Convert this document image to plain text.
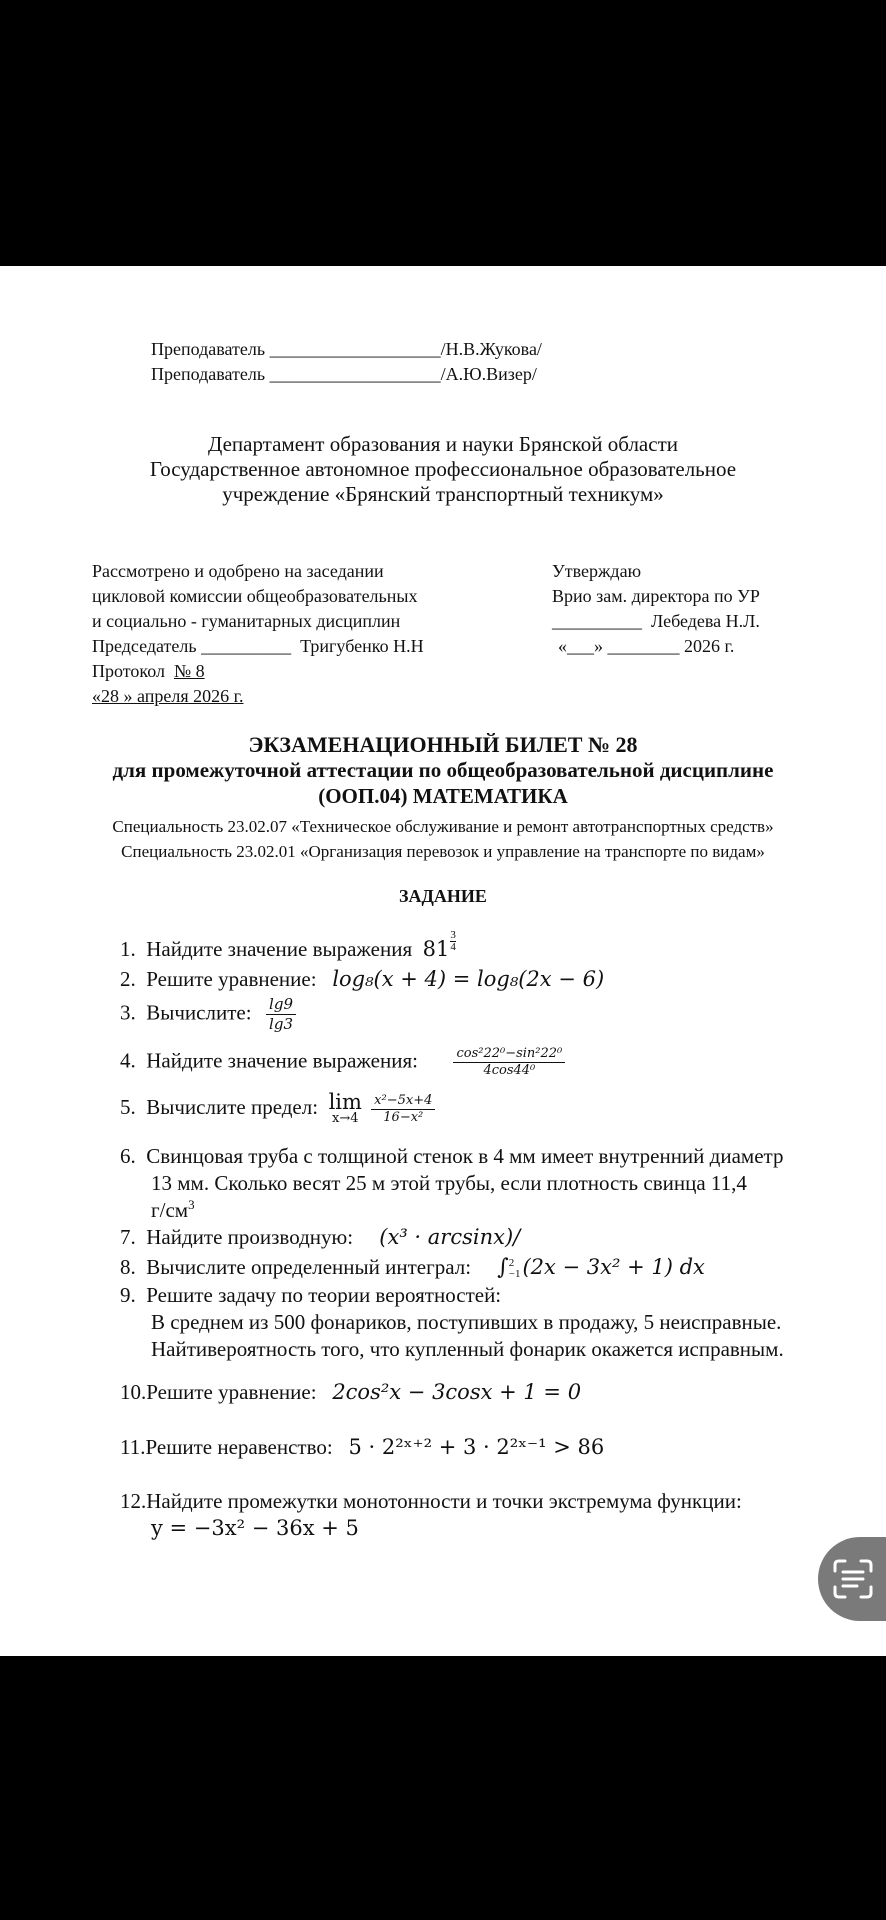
Преподаватель ___________________/Н.В.Жукова/
Преподаватель ___________________/А.Ю.Визер/
Департамент образования и науки Брянской области
Государственное автономное профессиональное образовательное
учреждение «Брянский транспортный техникум»
Рассмотрено и одобрено на заседании
цикловой комиссии общеобразовательных
и социально - гуманитарных дисциплин
Председатель __________ Тригубенко Н.Н
Протокол № 8
«28 » апреля 2026 г.
Утверждаю
Врио зам. директора по УР
__________ Лебедева Н.Л.
«___» ________ 2026 г.
ЭКЗАМЕНАЦИОННЫЙ БИЛЕТ № 28
для промежуточной аттестации по общеобразовательной дисциплине
(ООП.04) МАТЕМАТИКА
Специальность 23.02.07 «Техническое обслуживание и ремонт автотранспортных средств»
Специальность 23.02.01 «Организация перевозок и управление на транспорте по видам»
ЗАДАНИЕ
1. Найдите значение выражения $81 \frac{3}{4}$
2. Решите уравнение: log₈(x + 4) = log₈(2x − 6)
3. Вычислите: $\frac{\lg 9}{\lg 3}$
4. Найдите значение выражения:	$\frac{\text{cos²22⁰−sin²22⁰}}{\text{4cos44⁰}}$
5. Вычислите предел: lim
x→4
$\frac{\text{x²−5x+4}}{\text{16−x²}}$
6. Свинцовая труба с толщиной стенок в 4 мм имеет внутренний диаметр
13 мм. Сколько весят 25 м этой трубы, если плотность свинца 11,4
$г/см^3$
7. Найдите производную: (x³ · arcsinx)/
8. Вычислите определенный интеграл: ∫ 2
−1 (2x − 3x² + 1) dx
9. Решите задачу по теории вероятностей:
В среднем из 500 фонариков, поступивших в продажу, 5 неисправные.
Найтивероятность того, что купленный фонарик окажется исправным.
10.Решите уравнение: 2cos²x − 3cosx + 1 = 0
11.Решите неравенство: 5 · 2²ˣ⁺² + 3 · 2²ˣ⁻¹ > 86
12.Найдите промежутки монотонности и точки экстремума функции:
y = −3x² − 36x + 5
